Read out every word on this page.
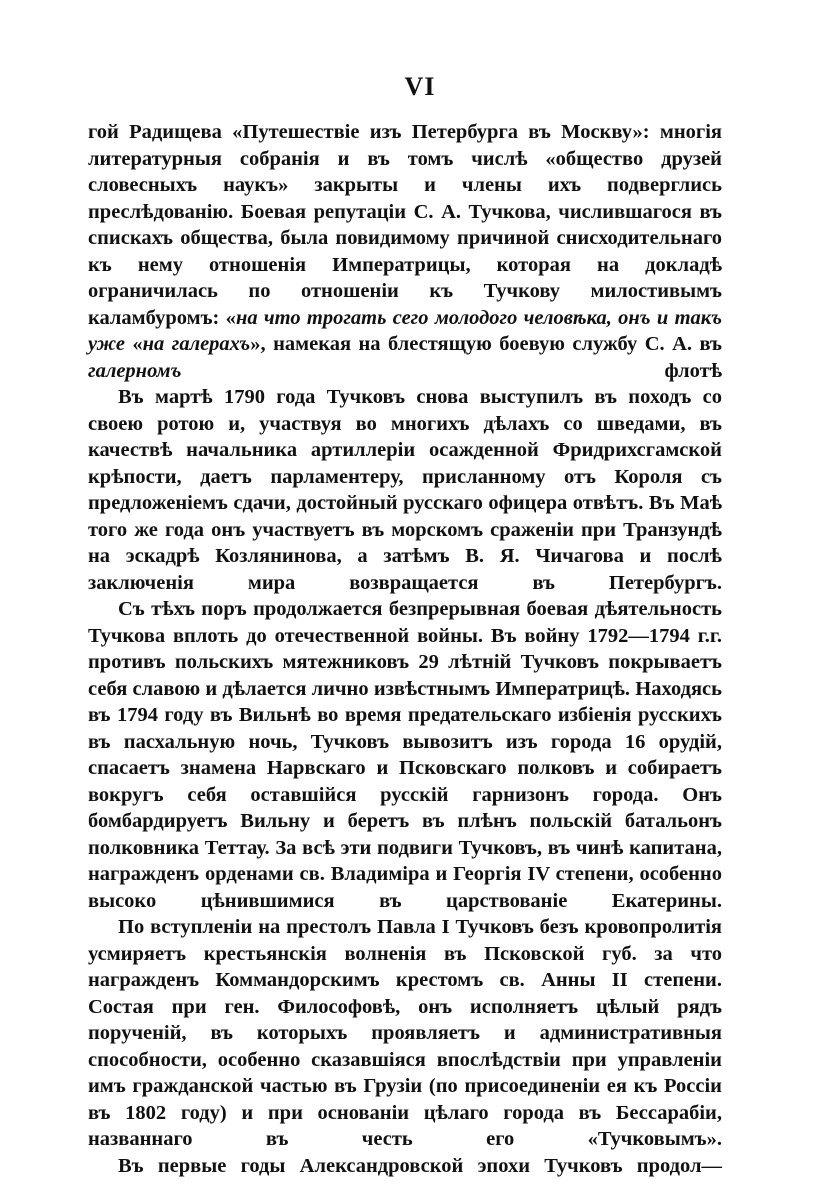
VI

гой Радищева «Путешествіе изъ Петербурга въ Москву»: многія литературныя собранія и въ томъ числѣ «общество друзей словесныхъ наукъ» закрыты и члены ихъ подверглись преслѣдованію. Боевая репутаціи С. А. Тучкова, числившагося въ спискахъ общества, была повидимому причиной снисходительнаго къ нему отношенія Императрицы, которая на докладѣ ограничилась по отношеніи къ Тучкову милостивымъ каламбуромъ: «на что трогать сего молодого человѣка, онъ и такъ уже «на галерахъ», намекая на блестящую боевую службу С. А. въ галерномъ флотѣ

Въ мартѣ 1790 года Тучковъ снова выступилъ въ походъ со своею ротою и, участвуя во многихъ дѣлахъ со шведами, въ качествѣ начальника артиллеріи осажденной Фридрихсгамской крѣпости, даетъ парламентеру, присланному отъ Короля съ предложеніемъ сдачи, достойный русскаго офицера отвѣтъ. Въ Маѣ того же года онъ участвуетъ въ морскомъ сраженіи при Транзундѣ на эскадрѣ Козлянинова, а затѣмъ В. Я. Чичагова и послѣ заключенія мира возвращается въ Петербургъ.

Съ тѣхъ поръ продолжается безпрерывная боевая дѣятельность Тучкова вплоть до отечественной войны. Въ войну 1792—1794 г.г. противъ польскихъ мятежниковъ 29 лѣтній Тучковъ покрываетъ себя славою и дѣлается лично извѣстнымъ Императрицѣ. Находясь въ 1794 году въ Вильнѣ во время предательскаго избіенія русскихъ въ пасхальную ночь, Тучковъ вывозитъ изъ города 16 орудій, спасаетъ знамена Нарвскаго и Псковскаго полковъ и собираетъ вокругъ себя оставшійся русскій гарнизонъ города. Онъ бомбардируетъ Вильну и беретъ въ плѣнъ польскій батальонъ полковника Теттау. За всѣ эти подвиги Тучковъ, въ чинѣ капитана, награжденъ орденами св. Владиміра и Георгія IV степени, особенно высоко цѣнившимися въ царствованіе Екатерины.

По вступленіи на престолъ Павла I Тучковъ безъ кровопролитія усмиряетъ крестьянскія волненія въ Псковской губ. за что награжденъ Коммандорскимъ крестомъ св. Анны II степени. Состая при ген. Философовѣ, онъ исполняетъ цѣлый рядъ порученій, въ которыхъ проявляетъ и административныя способности, особенно сказавшіяся впослѣдствіи при управленіи имъ гражданской частью въ Грузіи (по присоединеніи ея къ Россіи въ 1802 году) и при основаніи цѣлаго города въ Бессарабіи, названнаго въ честь его «Тучковымъ».

Въ первые годы Александровской эпохи Тучковъ продол—
